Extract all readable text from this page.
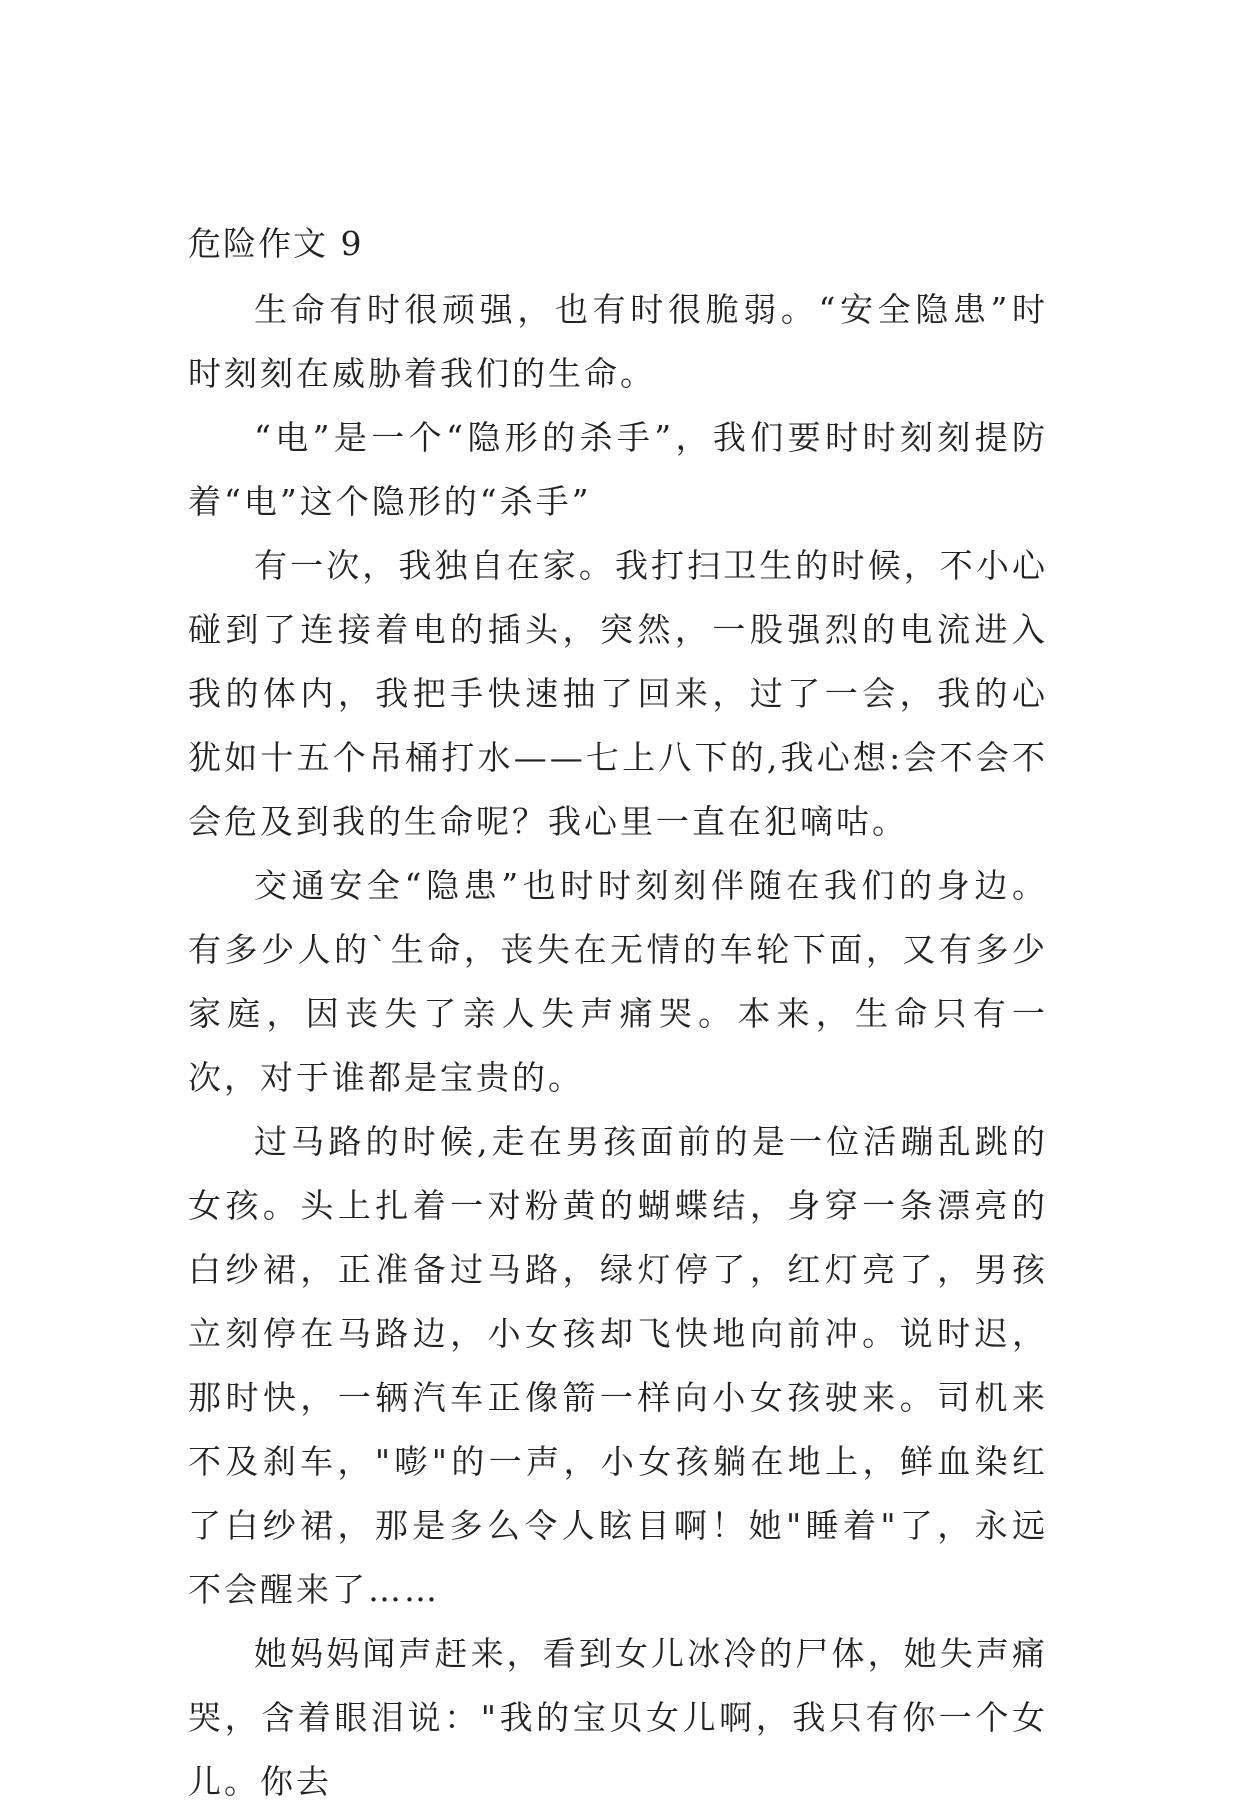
危险作文 9

生命有时很顽强，也有时很脆弱。“安全隐患”时时刻刻在威胁着我们的生命。

“电”是一个“隐形的杀手”，我们要时时刻刻提防着“电”这个隐形的“杀手”

有一次，我独自在家。我打扫卫生的时候，不小心碰到了连接着电的插头，突然，一股强烈的电流进入我的体内，我把手快速抽了回来，过了一会，我的心犹如十五个吊桶打水——七上八下的,我心想:会不会不会危及到我的生命呢？我心里一直在犯嘀咕。

交通安全“隐患”也时时刻刻伴随在我们的身边。有多少人的`生命，丧失在无情的车轮下面，又有多少家庭，因丧失了亲人失声痛哭。本来，生命只有一次，对于谁都是宝贵的。

过马路的时候,走在男孩面前的是一位活蹦乱跳的女孩。头上扎着一对粉黄的蝴蝶结，身穿一条漂亮的白纱裙，正准备过马路，绿灯停了，红灯亮了，男孩立刻停在马路边，小女孩却飞快地向前冲。说时迟，那时快，一辆汽车正像箭一样向小女孩驶来。司机来不及刹车，"嘭"的一声，小女孩躺在地上，鲜血染红了白纱裙，那是多么令人眩目啊！她"睡着"了，永远不会醒来了……

她妈妈闻声赶来，看到女儿冰冷的尸体，她失声痛哭，含着眼泪说："我的宝贝女儿啊，我只有你一个女儿。你去
